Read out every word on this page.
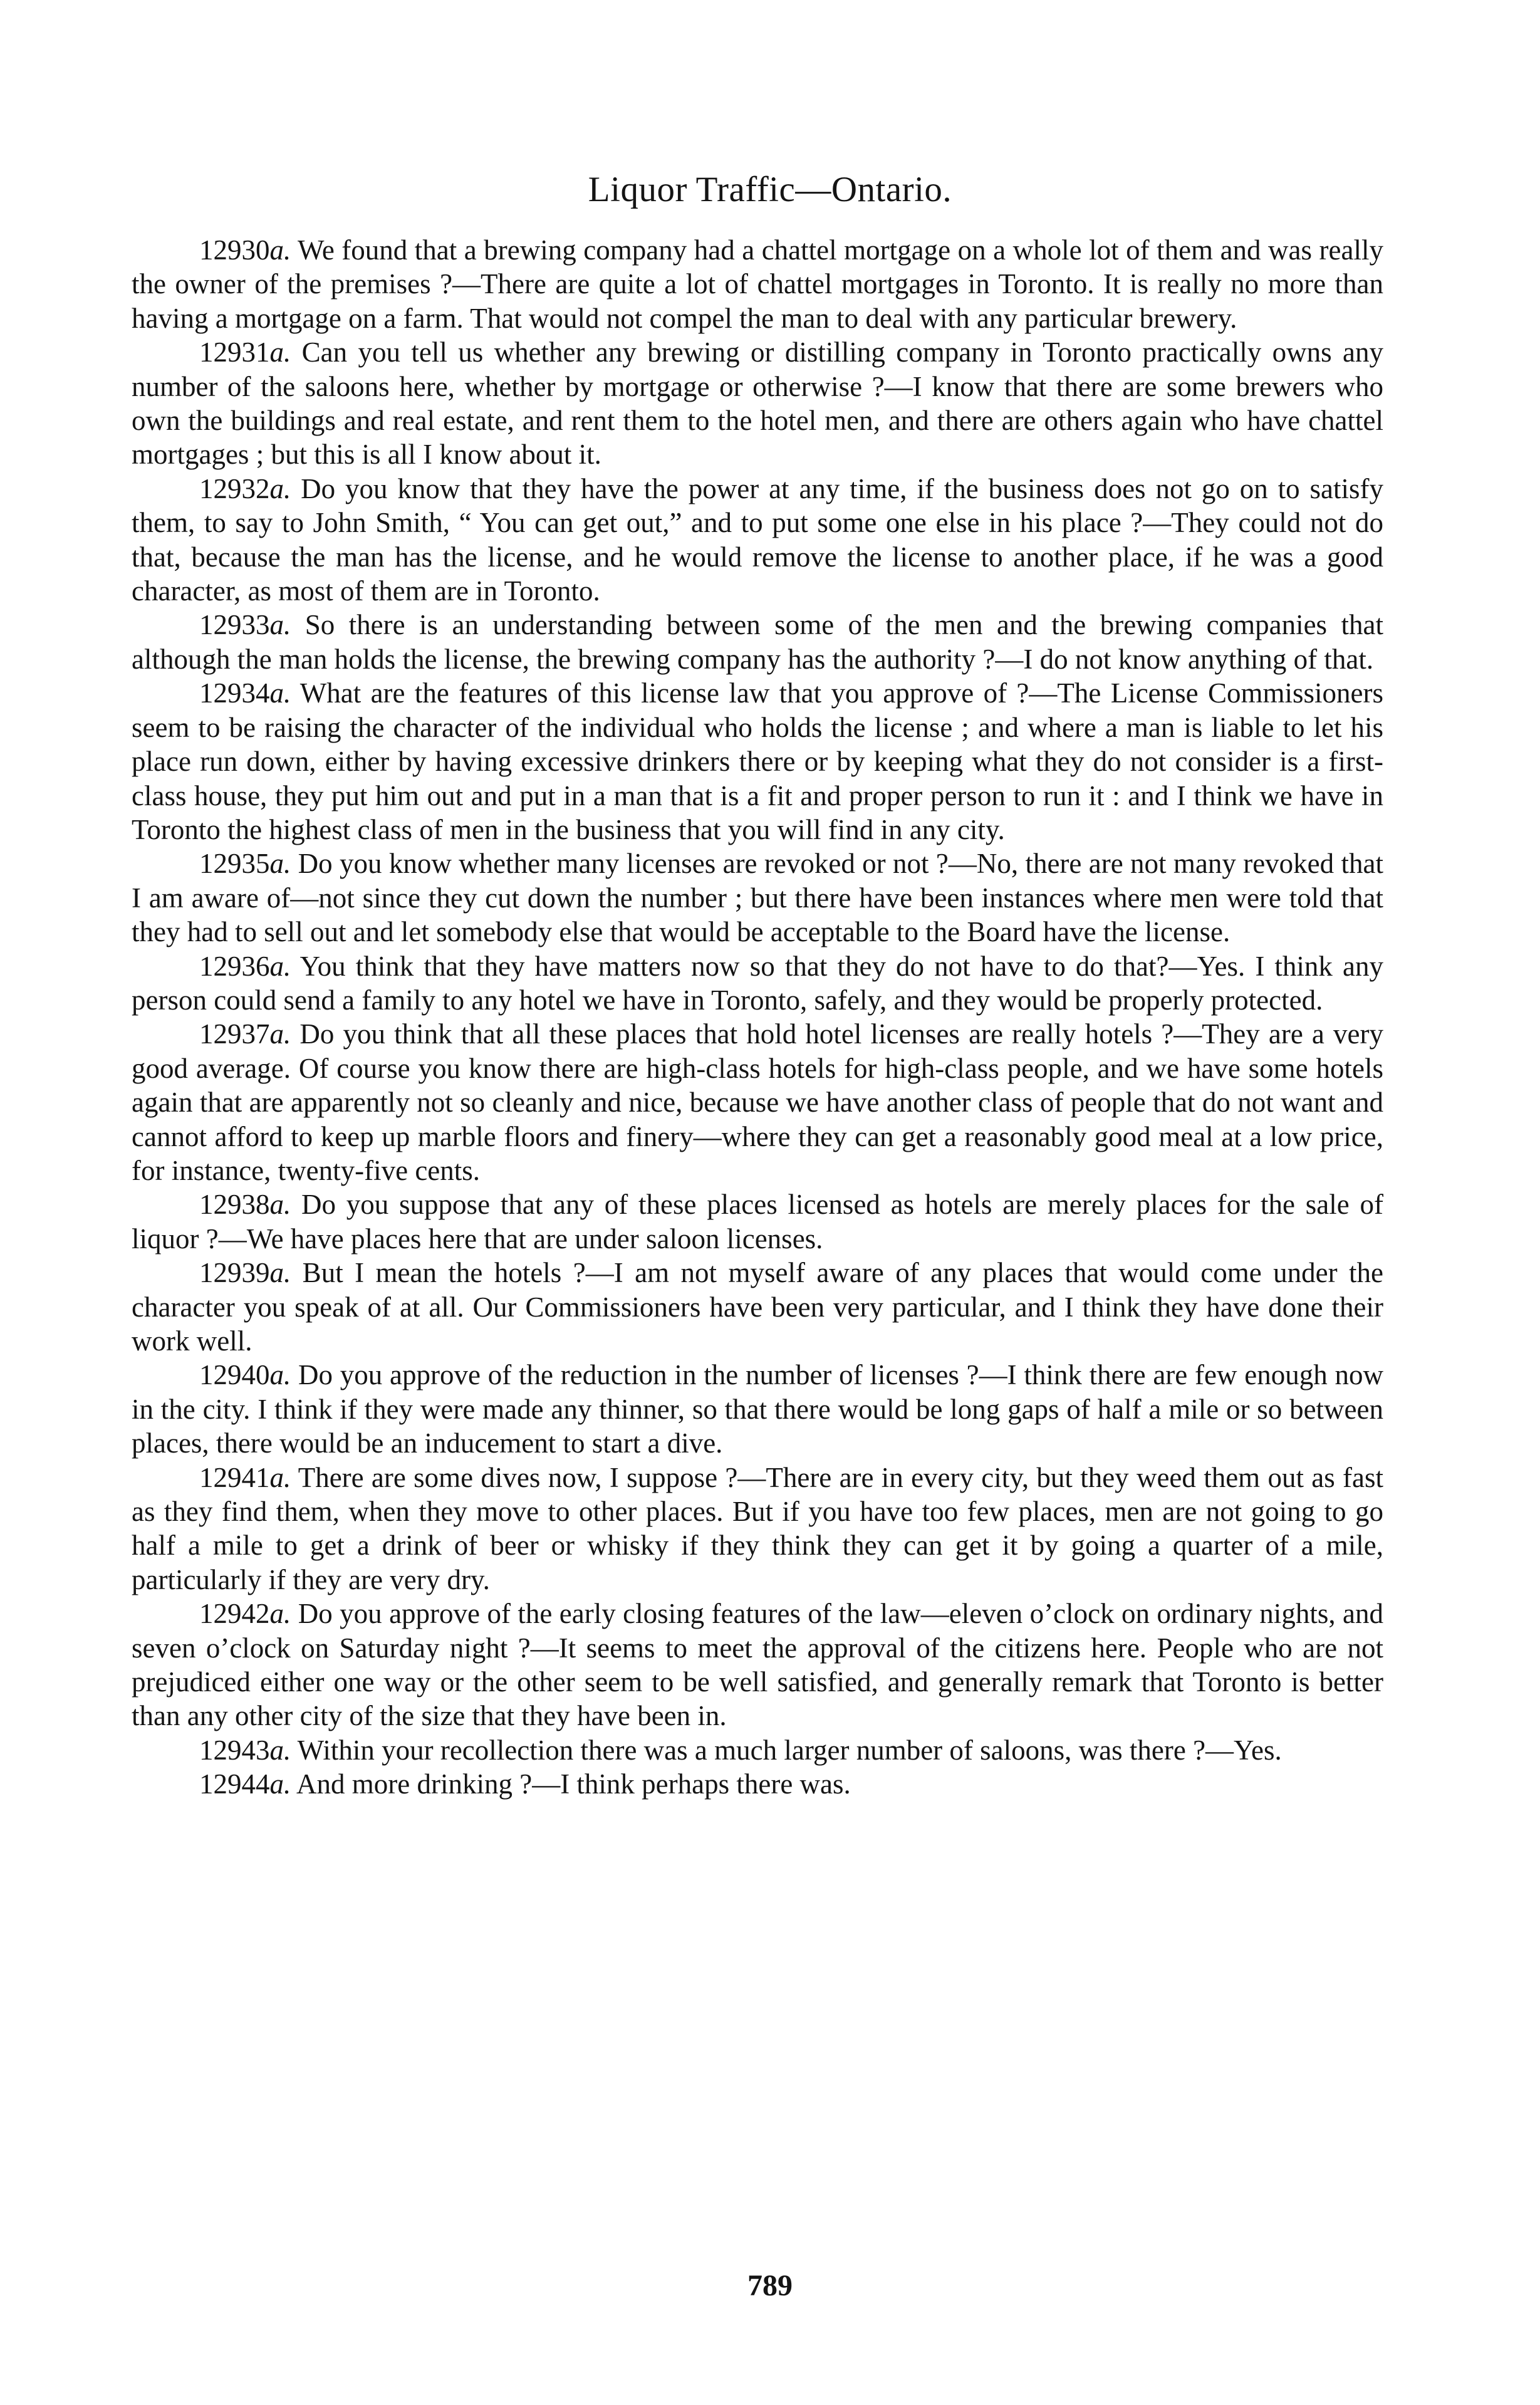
Liquor Traffic—Ontario.

12930a. We found that a brewing company had a chattel mortgage on a whole lot of them and was really the owner of the premises ?—There are quite a lot of chattel mortgages in Toronto. It is really no more than having a mortgage on a farm. That would not compel the man to deal with any particular brewery.

12931a. Can you tell us whether any brewing or distilling company in Toronto practically owns any number of the saloons here, whether by mortgage or otherwise ?—I know that there are some brewers who own the buildings and real estate, and rent them to the hotel men, and there are others again who have chattel mortgages ; but this is all I know about it.

12932a. Do you know that they have the power at any time, if the business does not go on to satisfy them, to say to John Smith, “ You can get out,” and to put some one else in his place ?—They could not do that, because the man has the license, and he would remove the license to another place, if he was a good character, as most of them are in Toronto.

12933a. So there is an understanding between some of the men and the brewing companies that although the man holds the license, the brewing company has the authority ?—I do not know anything of that.

12934a. What are the features of this license law that you approve of ?—The License Commissioners seem to be raising the character of the individual who holds the license ; and where a man is liable to let his place run down, either by having excessive drinkers there or by keeping what they do not consider is a first-class house, they put him out and put in a man that is a fit and proper person to run it : and I think we have in Toronto the highest class of men in the business that you will find in any city.

12935a. Do you know whether many licenses are revoked or not ?—No, there are not many revoked that I am aware of—not since they cut down the number ; but there have been instances where men were told that they had to sell out and let somebody else that would be acceptable to the Board have the license.

12936a. You think that they have matters now so that they do not have to do that?—Yes. I think any person could send a family to any hotel we have in Toronto, safely, and they would be properly protected.

12937a. Do you think that all these places that hold hotel licenses are really hotels ?—They are a very good average. Of course you know there are high-class hotels for high-class people, and we have some hotels again that are apparently not so cleanly and nice, because we have another class of people that do not want and cannot afford to keep up marble floors and finery—where they can get a reasonably good meal at a low price, for instance, twenty-five cents.

12938a. Do you suppose that any of these places licensed as hotels are merely places for the sale of liquor ?—We have places here that are under saloon licenses.

12939a. But I mean the hotels ?—I am not myself aware of any places that would come under the character you speak of at all. Our Commissioners have been very particular, and I think they have done their work well.

12940a. Do you approve of the reduction in the number of licenses ?—I think there are few enough now in the city. I think if they were made any thinner, so that there would be long gaps of half a mile or so between places, there would be an inducement to start a dive.

12941a. There are some dives now, I suppose ?—There are in every city, but they weed them out as fast as they find them, when they move to other places. But if you have too few places, men are not going to go half a mile to get a drink of beer or whisky if they think they can get it by going a quarter of a mile, particularly if they are very dry.

12942a. Do you approve of the early closing features of the law—eleven o’clock on ordinary nights, and seven o’clock on Saturday night ?—It seems to meet the approval of the citizens here. People who are not prejudiced either one way or the other seem to be well satisfied, and generally remark that Toronto is better than any other city of the size that they have been in.

12943a. Within your recollection there was a much larger number of saloons, was there ?—Yes.

12944a. And more drinking ?—I think perhaps there was.

789
